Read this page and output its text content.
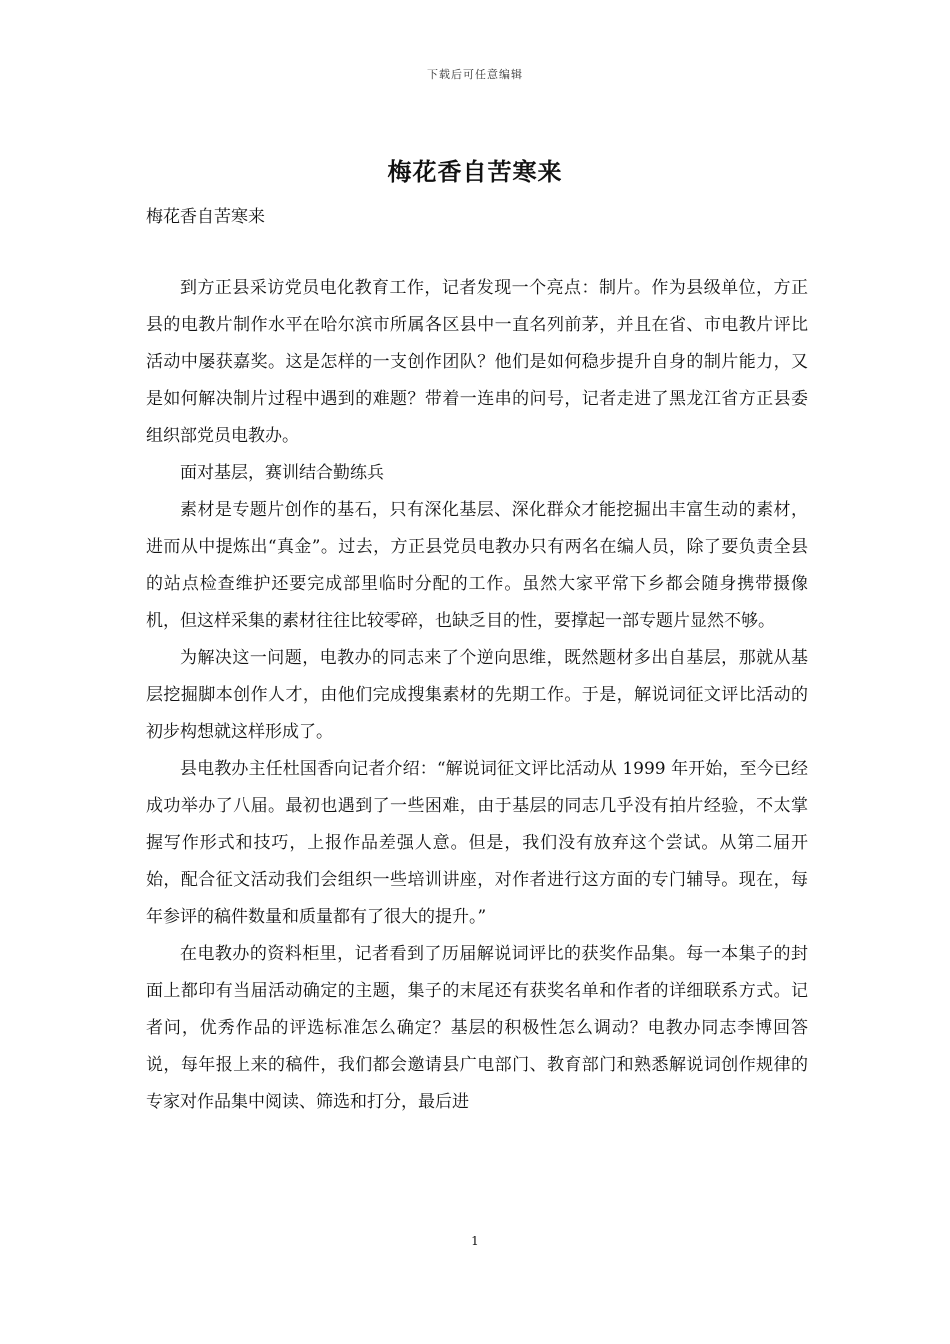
下载后可任意编辑
梅花香自苦寒来
梅花香自苦寒来

到方正县采访党员电化教育工作，记者发现一个亮点：制片。作为县级单位，方正县的电教片制作水平在哈尔滨市所属各区县中一直名列前茅，并且在省、市电教片评比活动中屡获嘉奖。这是怎样的一支创作团队？他们是如何稳步提升自身的制片能力，又是如何解决制片过程中遇到的难题？带着一连串的问号，记者走进了黑龙江省方正县委组织部党员电教办。

面对基层，赛训结合勤练兵

素材是专题片创作的基石，只有深化基层、深化群众才能挖掘出丰富生动的素材，进而从中提炼出“真金”。过去，方正县党员电教办只有两名在编人员，除了要负责全县的站点检查维护还要完成部里临时分配的工作。虽然大家平常下乡都会随身携带摄像机，但这样采集的素材往往比较零碎，也缺乏目的性，要撑起一部专题片显然不够。

为解决这一问题，电教办的同志来了个逆向思维，既然题材多出自基层，那就从基层挖掘脚本创作人才，由他们完成搜集素材的先期工作。于是，解说词征文评比活动的初步构想就这样形成了。

县电教办主任杜国香向记者介绍：“解说词征文评比活动从 1999 年开始，至今已经成功举办了八届。最初也遇到了一些困难，由于基层的同志几乎没有拍片经验，不太掌握写作形式和技巧，上报作品差强人意。但是，我们没有放弃这个尝试。从第二届开始，配合征文活动我们会组织一些培训讲座，对作者进行这方面的专门辅导。现在，每年参评的稿件数量和质量都有了很大的提升。”

在电教办的资料柜里，记者看到了历届解说词评比的获奖作品集。每一本集子的封面上都印有当届活动确定的主题，集子的末尾还有获奖名单和作者的详细联系方式。记者问，优秀作品的评选标准怎么确定？基层的积极性怎么调动？电教办同志李博回答说，每年报上来的稿件，我们都会邀请县广电部门、教育部门和熟悉解说词创作规律的专家对作品集中阅读、筛选和打分，最后进

1
